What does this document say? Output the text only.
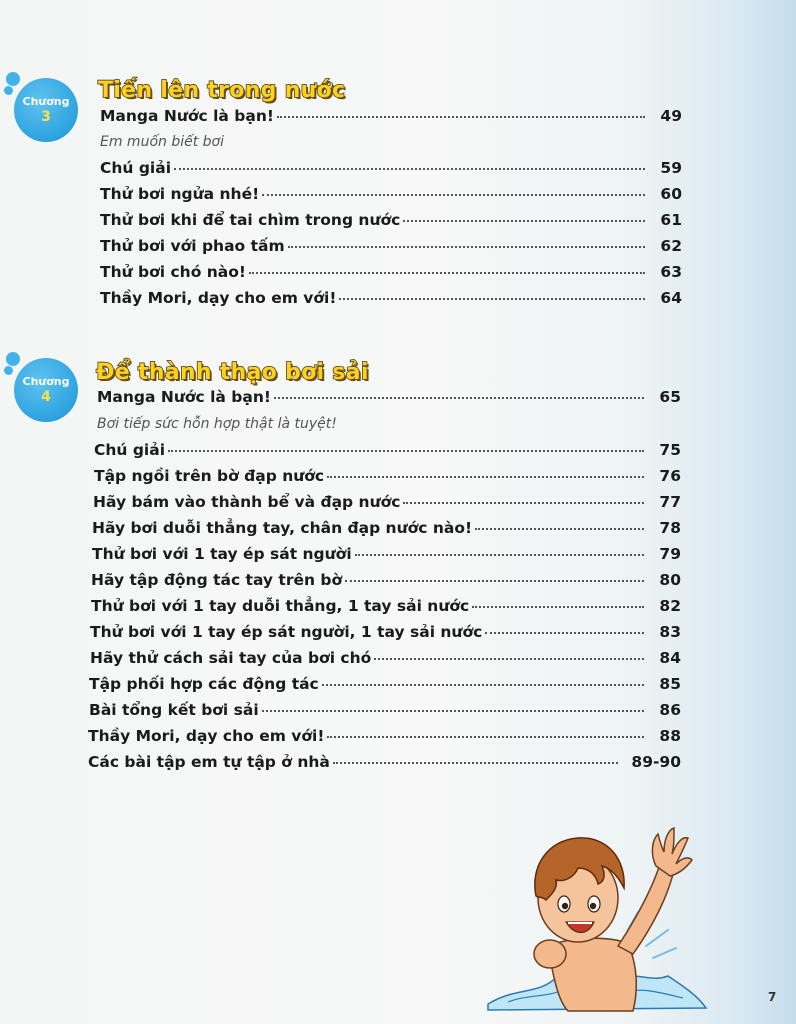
Chương
3
Tiến lên trong nước
Manga Nước là bạn!	49
Em muốn biết bơi
Chú giải	59
Thử bơi ngửa nhé!	60
Thử bơi khi để tai chìm trong nước	61
Thử bơi với phao tấm	62
Thử bơi chó nào!	63
Thầy Mori, dạy cho em với!	64
Chương
4
Để thành thạo bơi sải
Manga Nước là bạn!	65
Bơi tiếp sức hỗn hợp thật là tuyệt!
Chú giải	75
Tập ngồi trên bờ đạp nước	76
Hãy bám vào thành bể và đạp nước	77
Hãy bơi duỗi thẳng tay, chân đạp nước nào!	78
Thử bơi với 1 tay ép sát người	79
Hãy tập động tác tay trên bờ	80
Thử bơi với 1 tay duỗi thẳng, 1 tay sải nước	82
Thử bơi với 1 tay ép sát người, 1 tay sải nước	83
Hãy thử cách sải tay của bơi chó	84
Tập phối hợp các động tác	85
Bài tổng kết bơi sải	86
Thầy Mori, dạy cho em với!	88
Các bài tập em tự tập ở nhà	89-90
7
